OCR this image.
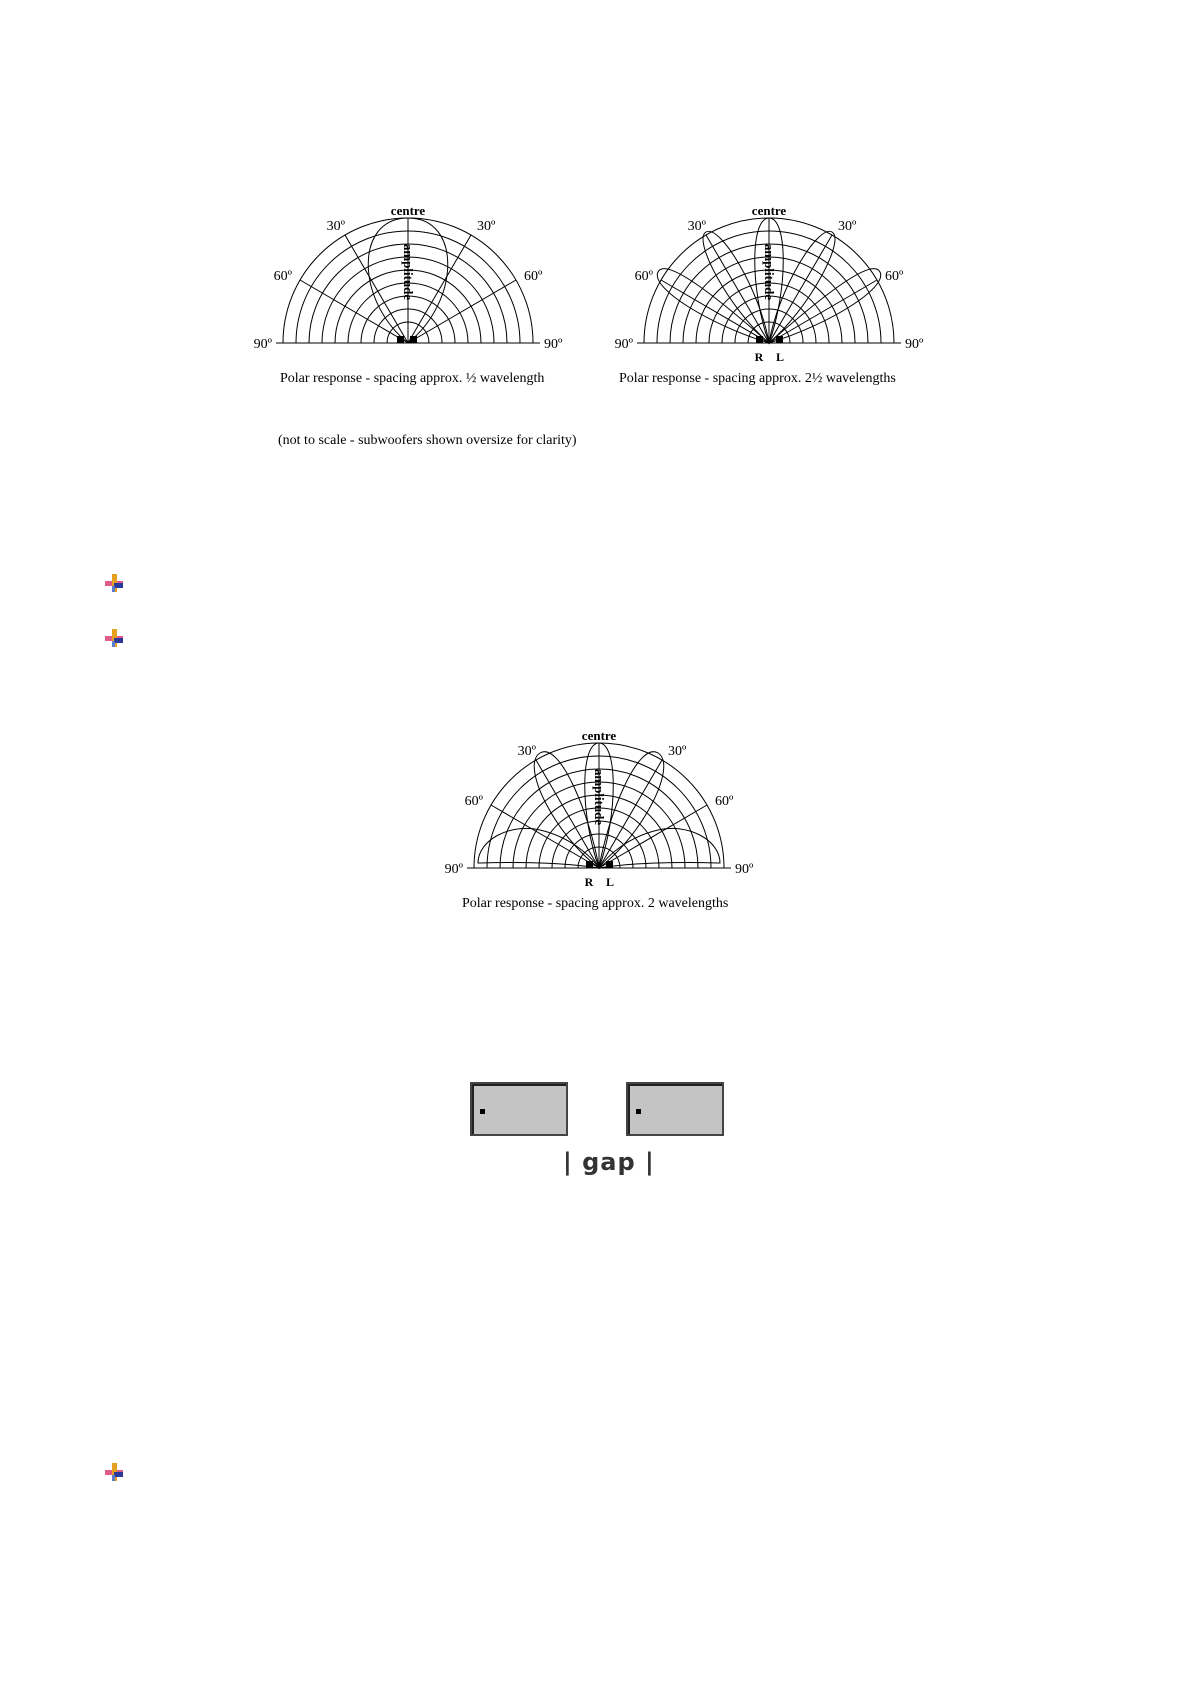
centre
30º	30º
60º	60º
90º	90º
amplitude
Polar response - spacing approx. ½ wavelength
(not to scale - subwoofers shown oversize for clarity)
centre
30º	30º
60º	60º
90º	90º
amplitude
R L
Polar response - spacing approx. 2½ wavelengths
centre
30º	30º
60º	60º
90º	90º
amplitude
R L
Polar response - spacing approx. 2 wavelengths
| gap |
